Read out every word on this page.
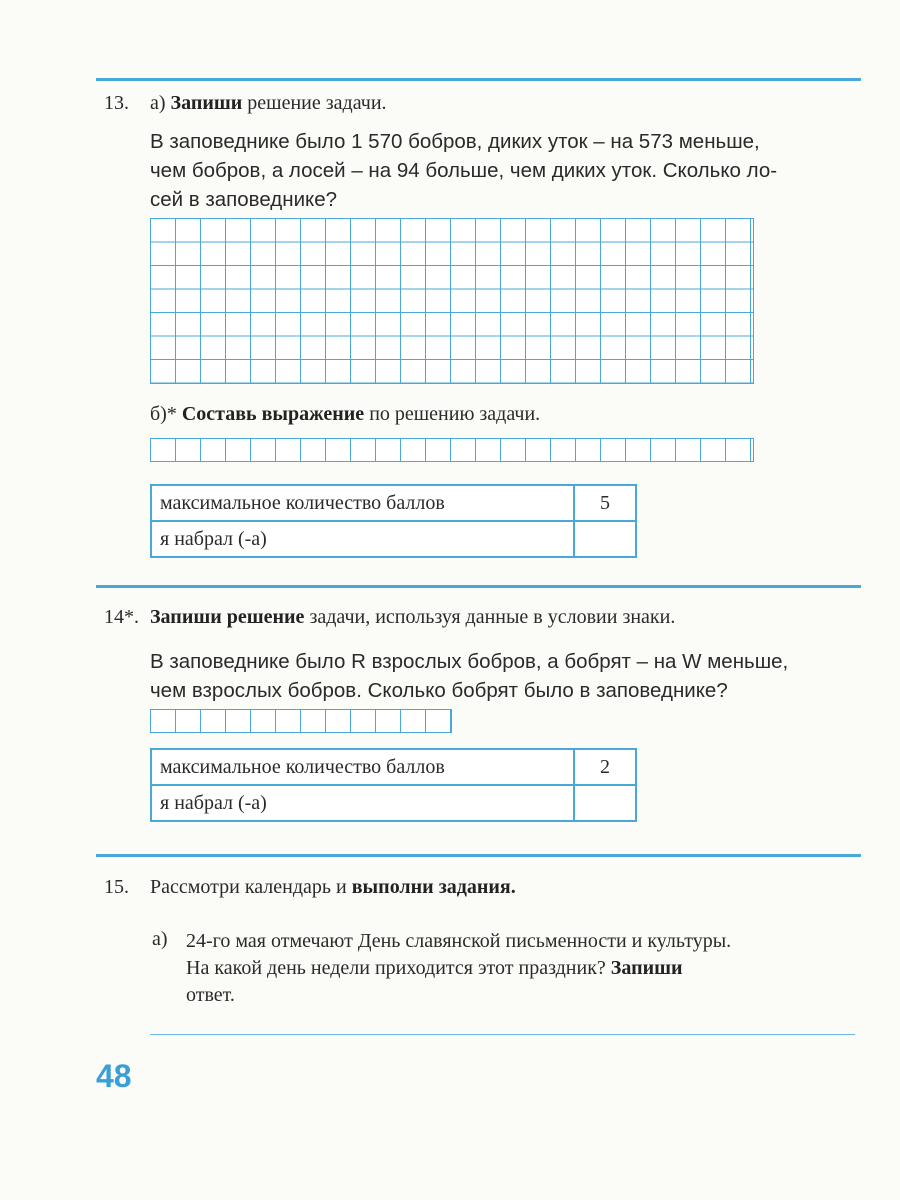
13. а) Запиши решение задачи.
В заповеднике было 1 570 бобров, диких уток – на 573 меньше,
чем бобров, а лосей – на 94 больше, чем диких уток. Сколько ло-
сей в заповеднике?
б)* Составь выражение по решению задачи.
максимальное количество баллов	5
я набрал (-а)	
14*. Запиши решение задачи, используя данные в условии знаки.
В заповеднике было R взрослых бобров, а бобрят – на W меньше,
чем взрослых бобров. Сколько бобрят было в заповеднике?
максимальное количество баллов	2
я набрал (-а)	
15. Рассмотри календарь и выполни задания.
а) 24-го мая отмечают День славянской письменности и культуры.
На какой день недели приходится этот праздник? Запиши
ответ.
48
